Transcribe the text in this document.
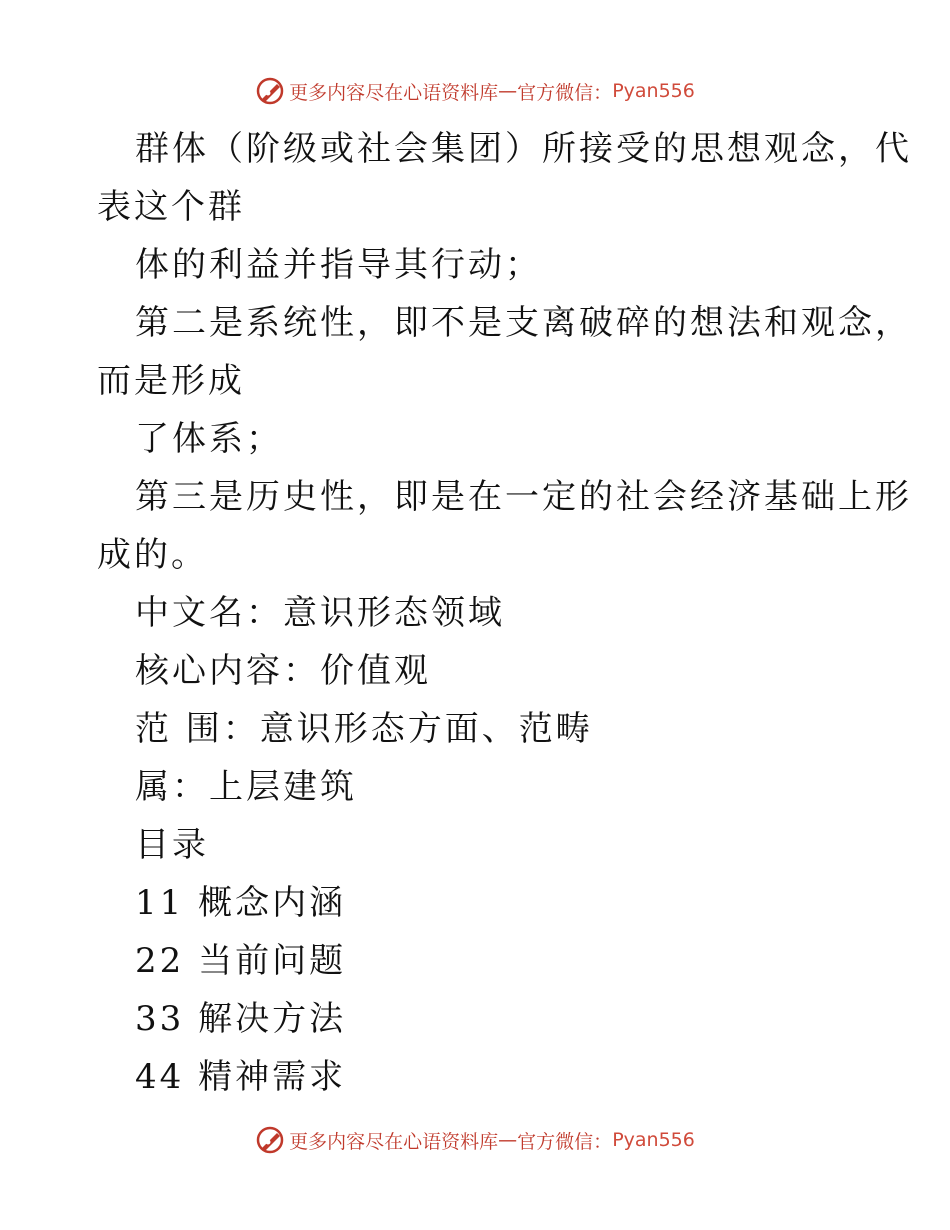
更多内容尽在心语资料库 — 官方微信： Pyan556

群体（阶级或社会集团）所接受的思想观念，代

表这个群

体的利益并指导其行动；

第二是系统性，即不是支离破碎的想法和观念，

而是形成

了体系；

第三是历史性，即是在一定的社会经济基础上形

成的。

中文名：意识形态领域

核心内容：价值观

范 围：意识形态方面、范畴

属：上层建筑

目录

11 概念内涵

22 当前问题

33 解决方法

44 精神需求

更多内容尽在心语资料库 — 官方微信： Pyan556
